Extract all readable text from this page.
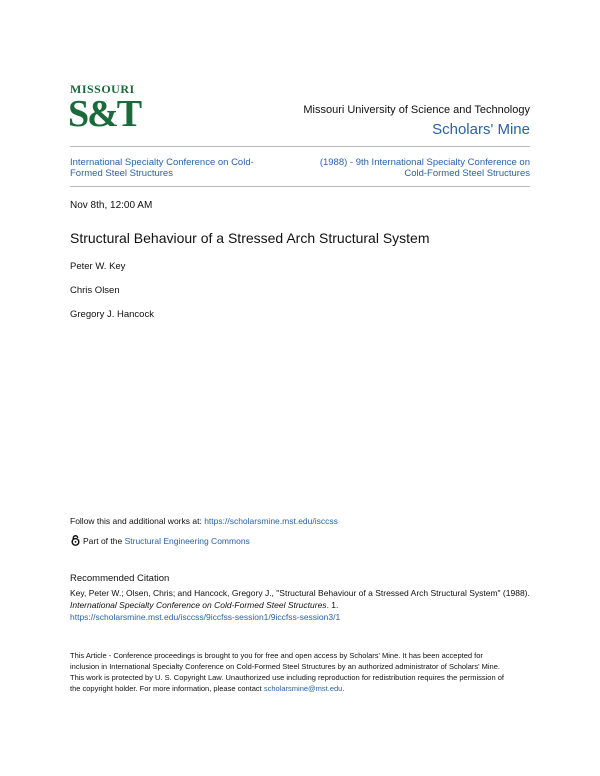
MISSOURI
S&T	Missouri University of Science and Technology
Scholars' Mine
International Specialty Conference on Cold-Formed Steel Structures
(1988) - 9th International Specialty Conference on Cold-Formed Steel Structures
Nov 8th, 12:00 AM
Structural Behaviour of a Stressed Arch Structural System
Peter W. Key
Chris Olsen
Gregory J. Hancock
Follow this and additional works at: https://scholarsmine.mst.edu/isccss
Part of the Structural Engineering Commons
Recommended Citation
Key, Peter W.; Olsen, Chris; and Hancock, Gregory J., "Structural Behaviour of a Stressed Arch Structural System" (1988). International Specialty Conference on Cold-Formed Steel Structures. 1.
https://scholarsmine.mst.edu/isccss/9iccfss-session1/9iccfss-session3/1
This Article - Conference proceedings is brought to you for free and open access by Scholars' Mine. It has been accepted for inclusion in International Specialty Conference on Cold-Formed Steel Structures by an authorized administrator of Scholars' Mine. This work is protected by U. S. Copyright Law. Unauthorized use including reproduction for redistribution requires the permission of the copyright holder. For more information, please contact scholarsmine@mst.edu.
